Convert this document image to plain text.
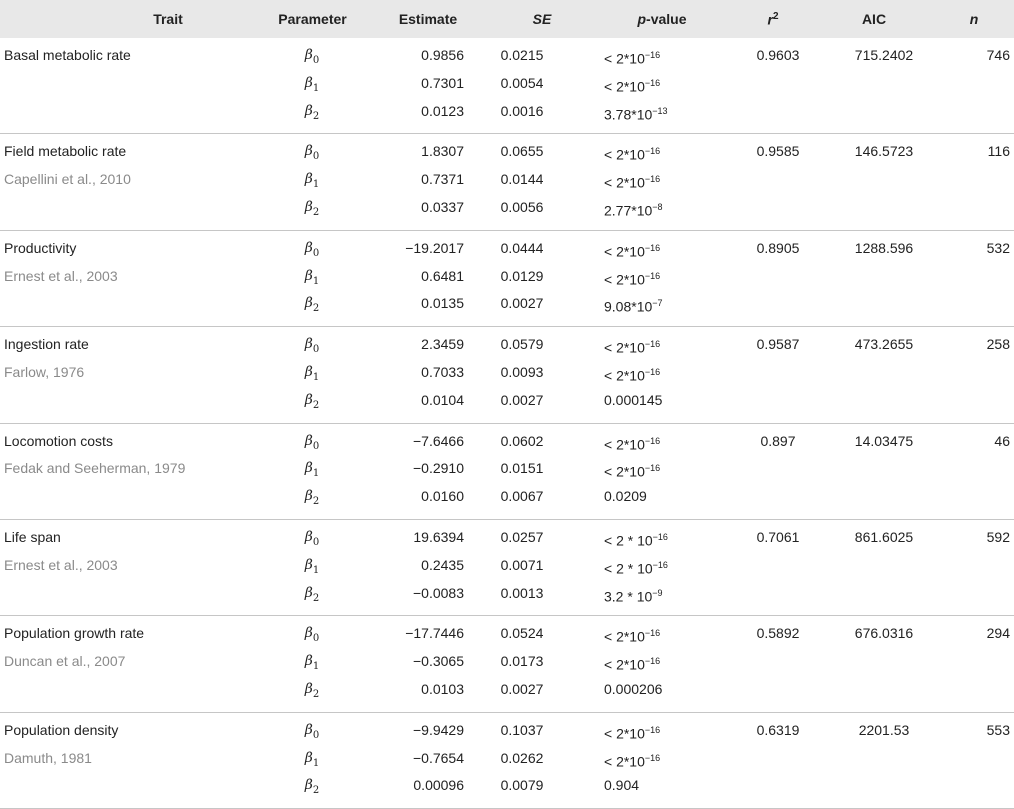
Trait	Parameter	Estimate	SE	p-value	$r^2$	AIC	n
Basal metabolic rate	$\beta_0$	0.9856	0.0215	< $2*10^{-16}$	0.9603	715.2402	746
	$\beta_1$	0.7301	0.0054	< $2*10^{-16}$			
	$\beta_2$	0.0123	0.0016	$3.78*10^{-13}$			
Field metabolic rate	$\beta_0$	1.8307	0.0655	< $2*10^{-16}$	0.9585	146.5723	116
Capellini et al., 2010	$\beta_1$	0.7371	0.0144	< $2*10^{-16}$			
	$\beta_2$	0.0337	0.0056	$2.77*10^{-8}$			
Productivity	$\beta_0$	−19.2017	0.0444	< $2*10^{-16}$	0.8905	1288.596	532
Ernest et al., 2003	$\beta_1$	0.6481	0.0129	< $2*10^{-16}$			
	$\beta_2$	0.0135	0.0027	$9.08*10^{-7}$			
Ingestion rate	$\beta_0$	2.3459	0.0579	< $2*10^{-16}$	0.9587	473.2655	258
Farlow, 1976	$\beta_1$	0.7033	0.0093	< $2*10^{-16}$			
	$\beta_2$	0.0104	0.0027	0.000145			
Locomotion costs	$\beta_0$	−7.6466	0.0602	< $2*10^{-16}$	0.897	14.03475	46
Fedak and Seeherman, 1979	$\beta_1$	−0.2910	0.0151	< $2*10^{-16}$			
	$\beta_2$	0.0160	0.0067	0.0209			
Life span	$\beta_0$	19.6394	0.0257	< $2 * 10^{-16}$	0.7061	861.6025	592
Ernest et al., 2003	$\beta_1$	0.2435	0.0071	< $2 * 10^{-16}$			
	$\beta_2$	−0.0083	0.0013	$3.2 * 10^{-9}$			
Population growth rate	$\beta_0$	−17.7446	0.0524	< $2*10^{-16}$	0.5892	676.0316	294
Duncan et al., 2007	$\beta_1$	−0.3065	0.0173	< $2*10^{-16}$			
	$\beta_2$	0.0103	0.0027	0.000206			
Population density	$\beta_0$	−9.9429	0.1037	< $2*10^{-16}$	0.6319	2201.53	553
Damuth, 1981	$\beta_1$	−0.7654	0.0262	< $2*10^{-16}$			
	$\beta_2$	0.00096	0.0079	0.904			
